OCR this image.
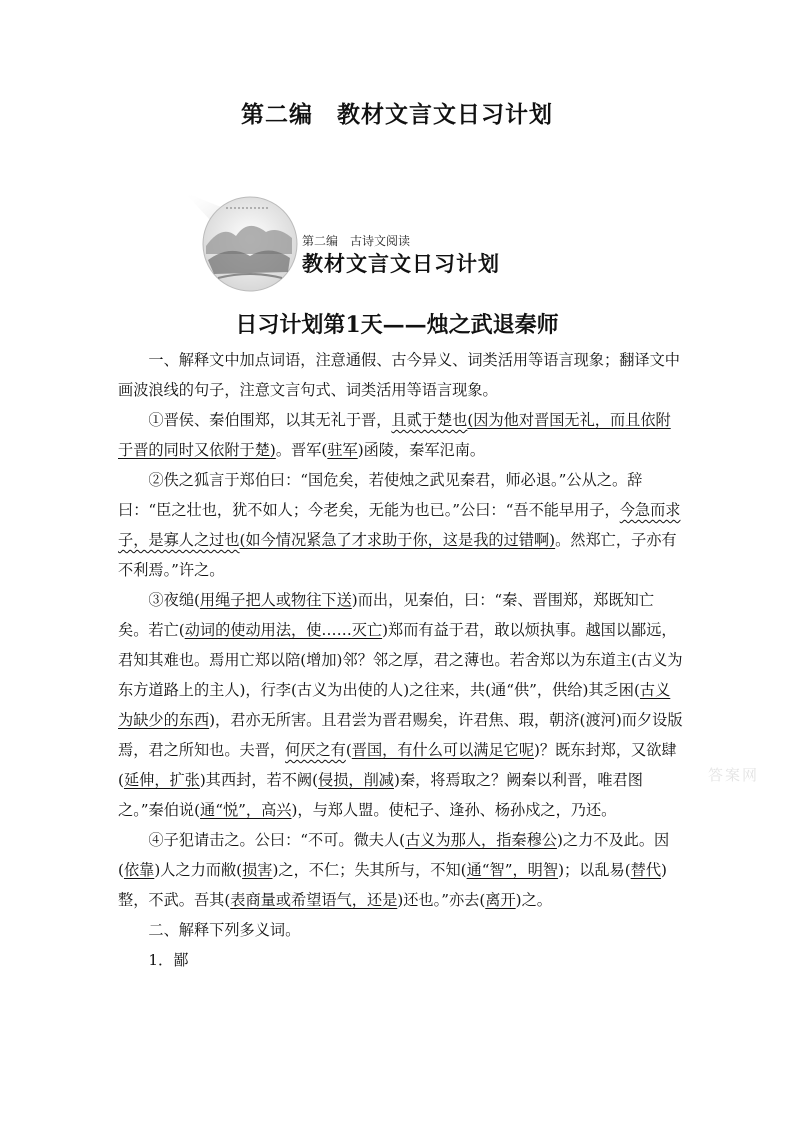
第二编　教材文言文日习计划
第二编　古诗文阅读
教材文言文日习计划
日习计划第1天——烛之武退秦师

一、解释文中加点词语，注意通假、古今异义、词类活用等语言现象；翻译文中画波浪线的句子，注意文言句式、词类活用等语言现象。

①晋侯、秦伯围郑，以其无礼于晋，且贰于楚也(因为他对晋国无礼，而且依附于晋的同时又依附于楚)。晋军(驻军)函陵，秦军氾南。

②佚之狐言于郑伯曰：“国危矣，若使烛之武见秦君，师必退。”公从之。辞曰：“臣之壮也，犹不如人；今老矣，无能为也已。”公曰：“吾不能早用子，今急而求子，是寡人之过也(如今情况紧急了才求助于你，这是我的过错啊)。然郑亡，子亦有不利焉。”许之。

③夜缒(用绳子把人或物往下送)而出，见秦伯，曰：“秦、晋围郑，郑既知亡矣。若亡(动词的使动用法，使……灭亡)郑而有益于君，敢以烦执事。越国以鄙远，君知其难也。焉用亡郑以陪(增加)邻？邻之厚，君之薄也。若舍郑以为东道主(古义为东方道路上的主人)，行李(古义为出使的人)之往来，共(通“供”，供给)其乏困(古义为缺少的东西)，君亦无所害。且君尝为晋君赐矣，许君焦、瑕，朝济(渡河)而夕设版焉，君之所知也。夫晋，何厌之有(晋国，有什么可以满足它呢)？既东封郑，又欲肆(延伸，扩张)其西封，若不阙(侵损，削减)秦，将焉取之？阙秦以利晋，唯君图之。”秦伯说(通“悦”，高兴)，与郑人盟。使杞子、逢孙、杨孙戍之，乃还。

④子犯请击之。公曰：“不可。微夫人(古义为那人，指秦穆公)之力不及此。因(依靠)人之力而敝(损害)之，不仁；失其所与，不知(通“智”，明智)；以乱易(替代)整，不武。吾其(表商量或希望语气，还是)还也。”亦去(离开)之。

二、解释下列多义词。

1．鄙

答案网
